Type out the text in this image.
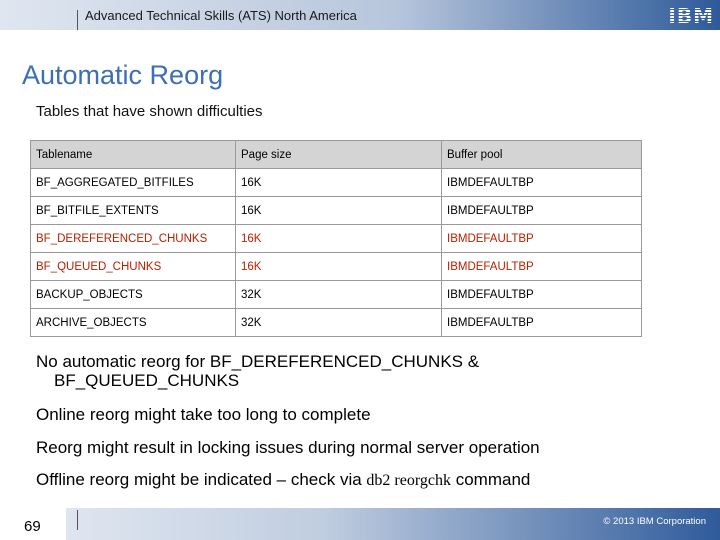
Advanced Technical Skills (ATS) North America	IBM
Automatic Reorg
Tables that have shown difficulties
Tablename	Page size	Buffer pool
BF_AGGREGATED_BITFILES	16K	IBMDEFAULTBP
BF_BITFILE_EXTENTS	16K	IBMDEFAULTBP
BF_DEREFERENCED_CHUNKS	16K	IBMDEFAULTBP
BF_QUEUED_CHUNKS	16K	IBMDEFAULTBP
BACKUP_OBJECTS	32K	IBMDEFAULTBP
ARCHIVE_OBJECTS	32K	IBMDEFAULTBP

No automatic reorg for BF_DEREFERENCED_CHUNKS &
BF_QUEUED_CHUNKS

Online reorg might take too long to complete

Reorg might result in locking issues during normal server operation

Offline reorg might be indicated – check via db2 reorgchk command

69	© 2013 IBM Corporation
